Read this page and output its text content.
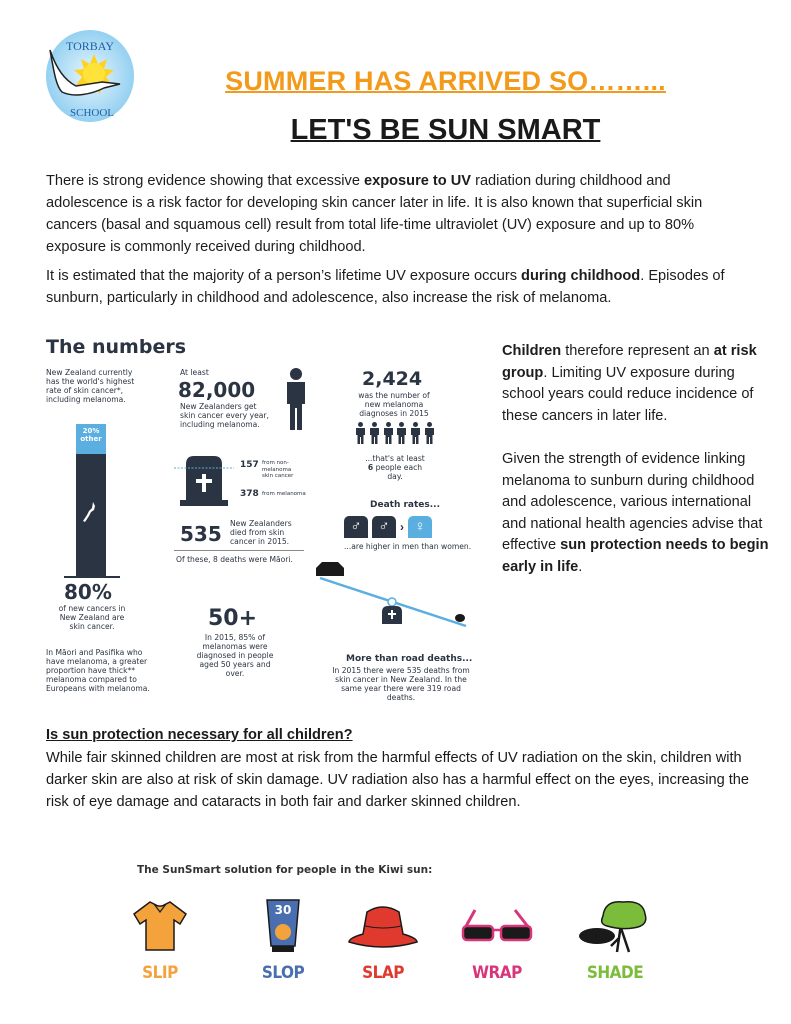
TORBAY
SCHOOL
SUMMER HAS ARRIVED SO……...
LET'S BE SUN SMART
There is strong evidence showing that excessive exposure to UV radiation during childhood and adolescence is a risk factor for developing skin cancer later in life. It is also known that superficial skin cancers (basal and squamous cell) result from total life-time ultraviolet (UV) exposure and up to 80% exposure is commonly received during childhood.
It is estimated that the majority of a person’s lifetime UV exposure occurs during childhood. Episodes of sunburn, particularly in childhood and adolescence, also increase the risk of melanoma.
The numbers
New Zealand currently has the world's highest rate of skin cancer*, including melanoma.
20%
other
80%
of new cancers in New Zealand are skin cancer.
In Māori and Pasifika who have melanoma, a greater proportion have thick** melanoma compared to Europeans with melanoma.
At least
82,000
New Zealanders get skin cancer every year, including melanoma.
157 from non-melanoma skin cancer
378 from melanoma
535 New Zealanders died from skin cancer in 2015.
Of these, 8 deaths were Māori.
2,424
was the number of new melanoma diagnoses in 2015
...that's at least 6 people each day.
Death rates...
♂	♂ › ♀
...are higher in men than women.
50+
In 2015, 85% of melanomas were diagnosed in people aged 50 years and over.
More than road deaths...
In 2015 there were 535 deaths from skin cancer in New Zealand. In the same year there were 319 road deaths.

Children therefore represent an at risk group. Limiting UV exposure during school years could reduce incidence of these cancers in later life.

Given the strength of evidence linking melanoma to sunburn during childhood and adolescence, various international and national health agencies advise that effective sun protection needs to begin early in life.

Is sun protection necessary for all children?
While fair skinned children are most at risk from the harmful effects of UV radiation on the skin, children with darker skin are also at risk of skin damage. UV radiation also has a harmful effect on the eyes, increasing the risk of eye damage and cataracts in both fair and darker skinned children.
The SunSmart solution for people in the Kiwi sun:
SLIP
30
SLOP	SLAP	WRAP	SHADE
